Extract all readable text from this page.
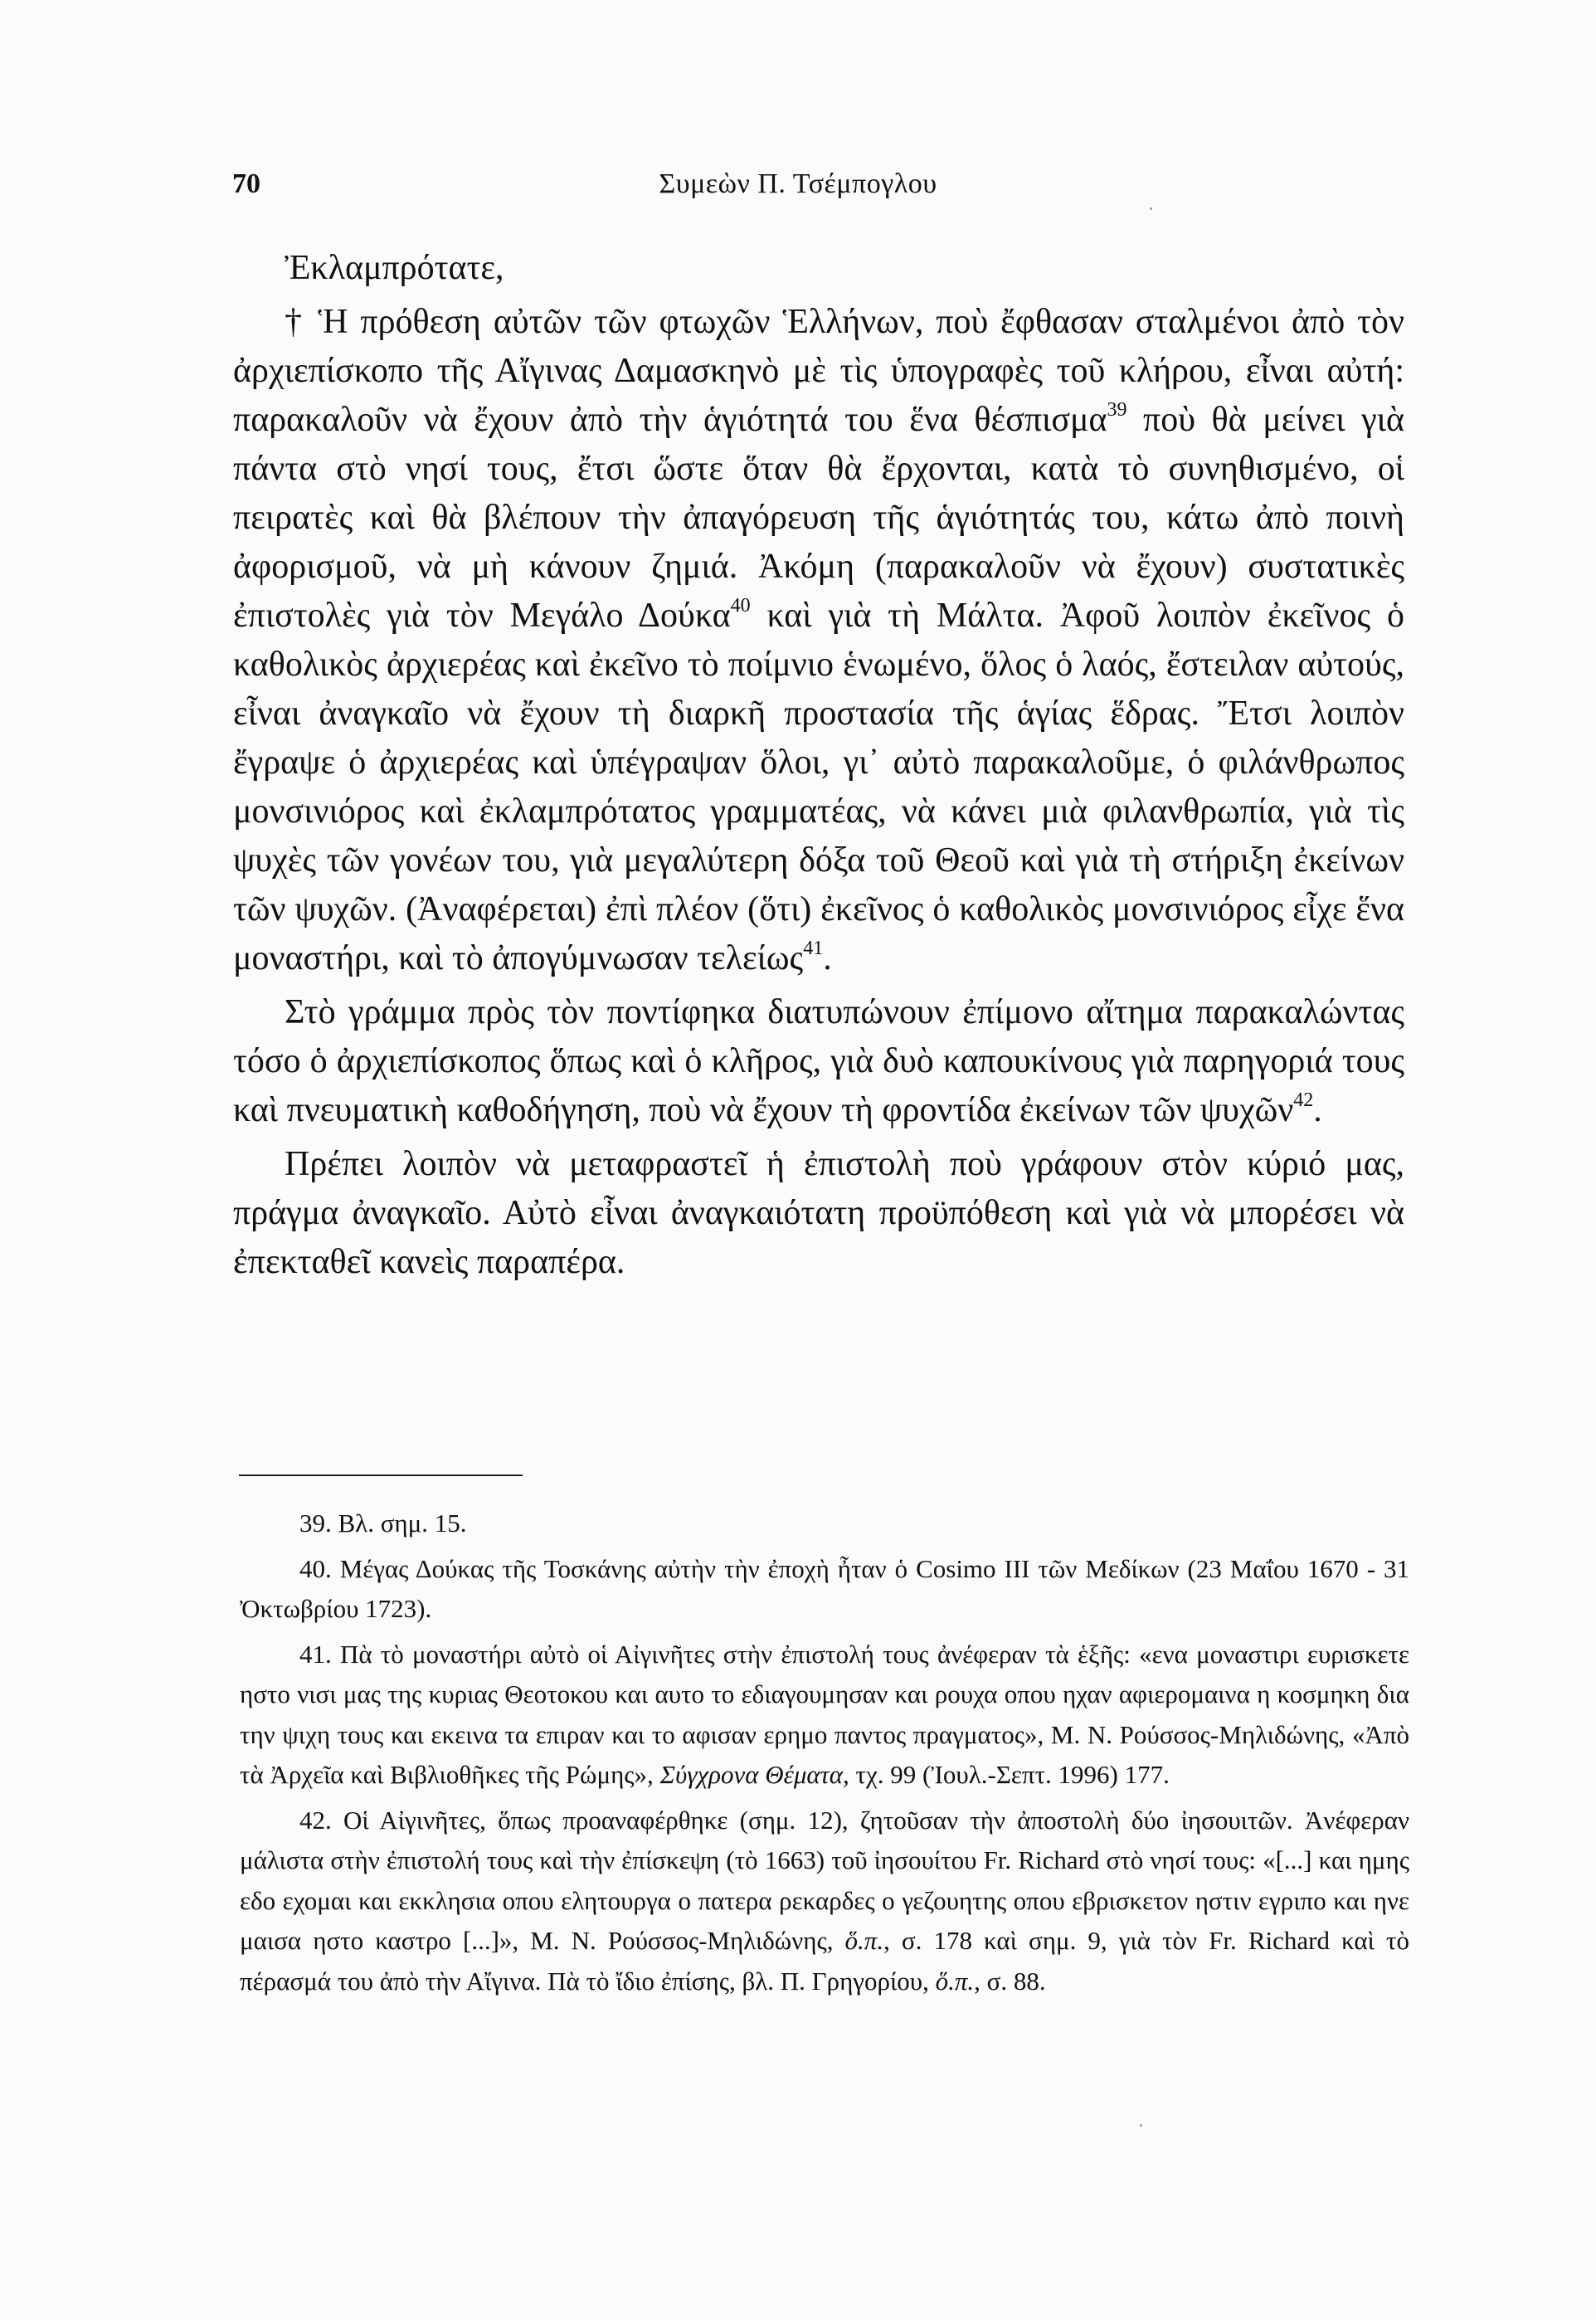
70	Συμεὼν Π. Τσέμπογλου

Ἐκλαμπρότατε,

† Ἡ πρόθεση αὐτῶν τῶν φτωχῶν Ἑλλήνων, ποὺ ἔφθασαν σταλμένοι ἀπὸ τὸν ἀρχιεπίσκοπο τῆς Αἴγινας Δαμασκηνὸ μὲ τὶς ὑπογραφὲς τοῦ κλήρου, εἶναι αὐτή: παρακαλοῦν νὰ ἔχουν ἀπὸ τὴν ἁγιότητά του ἕνα θέσπισμα$^{39}$ ποὺ θὰ μείνει γιὰ πάντα στὸ νησί τους, ἔτσι ὥστε ὅταν θὰ ἔρχονται, κατὰ τὸ συνηθισμένο, οἱ πειρατὲς καὶ θὰ βλέπουν τὴν ἀπαγόρευση τῆς ἁγιότητάς του, κάτω ἀπὸ ποινὴ ἀφορισμοῦ, νὰ μὴ κάνουν ζημιά. Ἀκόμη (παρακαλοῦν νὰ ἔχουν) συστατικὲς ἐπιστολὲς γιὰ τὸν Μεγάλο Δούκα$^{40}$ καὶ γιὰ τὴ Μάλτα. Ἀφοῦ λοιπὸν ἐκεῖνος ὁ καθολικὸς ἀρχιερέας καὶ ἐκεῖνο τὸ ποίμνιο ἑνωμένο, ὅλος ὁ λαός, ἔστειλαν αὐτούς, εἶναι ἀναγκαῖο νὰ ἔχουν τὴ διαρκῆ προστασία τῆς ἁγίας ἕδρας. Ἔτσι λοιπὸν ἔγραψε ὁ ἀρχιερέας καὶ ὑπέγραψαν ὅλοι, γι᾽ αὐτὸ παρακαλοῦμε, ὁ φιλάνθρωπος μονσινιόρος καὶ ἐκλαμπρότατος γραμματέας, νὰ κάνει μιὰ φιλανθρωπία, γιὰ τὶς ψυχὲς τῶν γονέων του, γιὰ μεγαλύτερη δόξα τοῦ Θεοῦ καὶ γιὰ τὴ στήριξη ἐκείνων τῶν ψυχῶν. (Ἀναφέρεται) ἐπὶ πλέον (ὅτι) ἐκεῖνος ὁ καθολικὸς μονσινιόρος εἶχε ἕνα μοναστήρι, καὶ τὸ ἀπογύμνωσαν τελείως$^{41}$.

Στὸ γράμμα πρὸς τὸν ποντίφηκα διατυπώνουν ἐπίμονο αἴτημα παρακαλώντας τόσο ὁ ἀρχιεπίσκοπος ὅπως καὶ ὁ κλῆρος, γιὰ δυὸ καπουκίνους γιὰ παρηγοριά τους καὶ πνευματικὴ καθοδήγηση, ποὺ νὰ ἔχουν τὴ φροντίδα ἐκείνων τῶν ψυχῶν$^{42}$.

Πρέπει λοιπὸν νὰ μεταφραστεῖ ἡ ἐπιστολὴ ποὺ γράφουν στὸν κύριό μας, πράγμα ἀναγκαῖο. Αὐτὸ εἶναι ἀναγκαιότατη προϋπόθεση καὶ γιὰ νὰ μπορέσει νὰ ἐπεκταθεῖ κανεὶς παραπέρα.

39. Βλ. σημ. 15.

40. Μέγας Δούκας τῆς Τοσκάνης αὐτὴν τὴν ἐποχὴ ἦταν ὁ Cosimo III τῶν Μεδίκων (23 Μαΐου 1670 - 31 Ὀκτωβρίου 1723).

41. Πὰ τὸ μοναστήρι αὐτὸ οἱ Αἰγινῆτες στὴν ἐπιστολή τους ἀνέφεραν τὰ ἑξῆς: «ενα μοναστιρι ευρισκετε ηστο νισι μας της κυριας Θεοτοκου και αυτο το εδιαγουμησαν και ρουχα οπου ηχαν αφιερομαινα η κοσμηκη δια την ψιχη τους και εκεινα τα επιραν και το αφισαν ερημο παντος πραγματος», Μ. Ν. Ρούσσος-Μηλιδώνης, «Ἀπὸ τὰ Ἀρχεῖα καὶ Βιβλιοθῆκες τῆς Ρώμης», Σύγχρονα Θέματα, τχ. 99 (Ἰουλ.-Σεπτ. 1996) 177.

42. Οἱ Αἰγινῆτες, ὅπως προαναφέρθηκε (σημ. 12), ζητοῦσαν τὴν ἀποστολὴ δύο ἰησουιτῶν. Ἀνέφεραν μάλιστα στὴν ἐπιστολή τους καὶ τὴν ἐπίσκεψη (τὸ 1663) τοῦ ἰησουίτου Fr. Richard στὸ νησί τους: «[...] και ημης εδο εχομαι και εκκλησια οπου ελητουργα ο πατερα ρεκαρδες ο γεζουητης οπου εβρισκετον ηστιν εγριπο και ηνε μαισα ηστο καστρο [...]», Μ. Ν. Ρούσσος-Μηλιδώνης, ὅ.π., σ. 178 καὶ σημ. 9, γιὰ τὸν Fr. Richard καὶ τὸ πέρασμά του ἀπὸ τὴν Αἴγινα. Πὰ τὸ ἴδιο ἐπίσης, βλ. Π. Γρηγορίου, ὅ.π., σ. 88.
